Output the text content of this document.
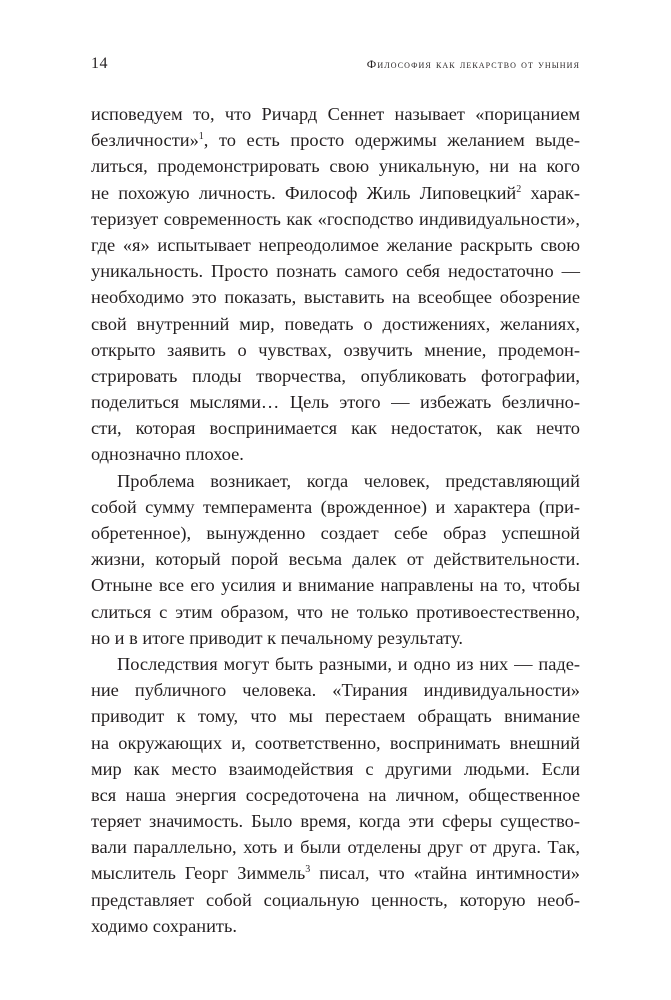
14	Философия как лекарство от уныния
исповедуем то, что Ричард Сеннет называет «порицанием
безличности»$^1$, то есть просто одержимы желанием выде-
литься, продемонстрировать свою уникальную, ни на кого
не похожую личность. Философ Жиль Липовецкий$^2$ харак-
теризует современность как «господство индивидуальности»,
где «я» испытывает непреодолимое желание раскрыть свою
уникальность. Просто познать самого себя недостаточно —
необходимо это показать, выставить на всеобщее обозрение
свой внутренний мир, поведать о достижениях, желаниях,
открыто заявить о чувствах, озвучить мнение, продемон-
стрировать плоды творчества, опубликовать фотографии,
поделиться мыслями… Цель этого — избежать безлично-
сти, которая воспринимается как недостаток, как нечто
однозначно плохое.
Проблема возникает, когда человек, представляющий
собой сумму темперамента (врожденное) и характера (при-
обретенное), вынужденно создает себе образ успешной
жизни, который порой весьма далек от действительности.
Отныне все его усилия и внимание направлены на то, чтобы
слиться с этим образом, что не только противоестественно,
но и в итоге приводит к печальному результату.
Последствия могут быть разными, и одно из них — паде-
ние публичного человека. «Тирания индивидуальности»
приводит к тому, что мы перестаем обращать внимание
на окружающих и, соответственно, воспринимать внешний
мир как место взаимодействия с другими людьми. Если
вся наша энергия сосредоточена на личном, общественное
теряет значимость. Было время, когда эти сферы существо-
вали параллельно, хоть и были отделены друг от друга. Так,
мыслитель Георг Зиммель$^3$ писал, что «тайна интимности»
представляет собой социальную ценность, которую необ-
ходимо сохранить.
